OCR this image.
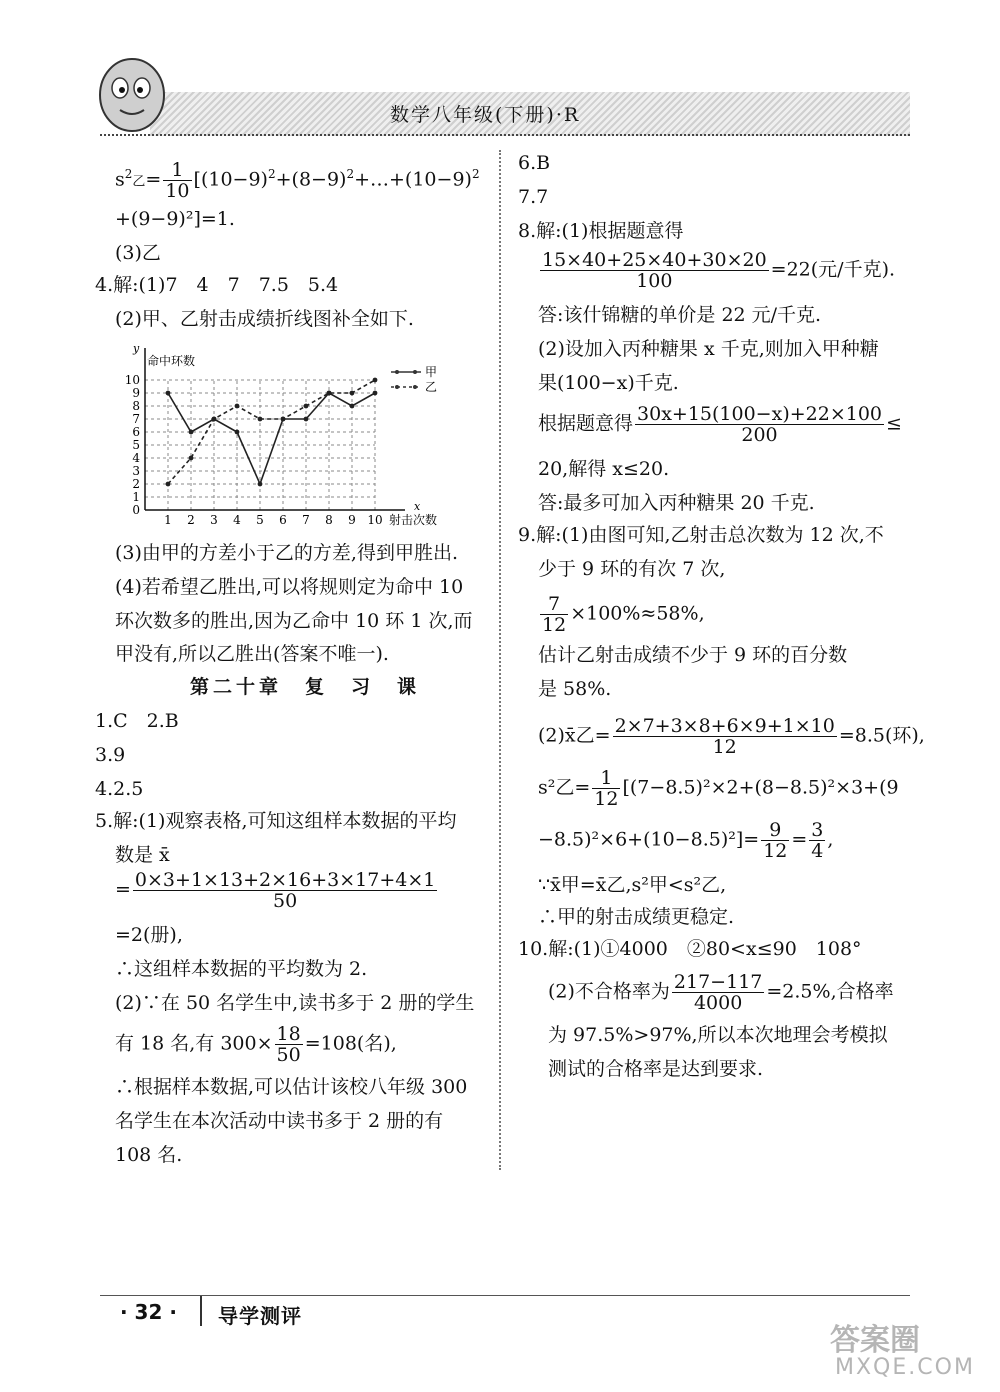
数学八年级(下册)·R
$s^2$乙= $\frac{1}{10}$ [$(10-9)^2+(8-9)^2+\dots+(10-9)^2$
+(9−9)²]=1.
(3)乙
4.解:(1)7　4　7　7.5　5.4
(2)甲、乙射击成绩折线图补全如下.
1 2 3 4 5 6 7 8 9 10
0
1
2
3
4
5
6
7
8
9
10
y
命中环数
x
射击次数
甲
乙
(3)由甲的方差小于乙的方差,得到甲胜出.
(4)若希望乙胜出,可以将规则定为命中 10
环次数多的胜出,因为乙命中 10 环 1 次,而
甲没有,所以乙胜出(答案不唯一).
第二十章　复　习　课
1.C　2.B
3.9
4.2.5
5.解:(1)观察表格,可知这组样本数据的平均
数是 x̄
= $\frac{0\times 3+1\times 13+2\times 16+3\times 17+4\times 1}{50}$
=2(册),
∴这组样本数据的平均数为 2.
(2)∵在 50 名学生中,读书多于 2 册的学生
有 18 名,有 $300\times \frac{18}{50} =108$(名),
∴根据样本数据,可以估计该校八年级 300
名学生在本次活动中读书多于 2 册的有
108 名.
6.B
7.7
8.解:(1)根据题意得
$\frac{15\times 40+25\times 40+30\times 20}{100} =22$(元/千克).
答:该什锦糖的单价是 22 元/千克.
(2)设加入丙种糖果 x 千克,则加入甲种糖
果(100−x)千克.
根据题意得 $\frac{30x+15(100-x)+22\times 100}{200}$ ≤
20,解得 x≤20.
答:最多可加入丙种糖果 20 千克.
9.解:(1)由图可知,乙射击总次数为 12 次,不
少于 9 环的有次 7 次,
$\frac{7}{12} \times 100\%\approx 58\%$,
估计乙射击成绩不少于 9 环的百分数
是 58%.
(2)x̄乙= $\frac{2\times 7+3\times 8+6\times 9+1\times 10}{12} =8.5$(环),
s²乙= $\frac{1}{12} [(7-8.5)^2\times 2+(8-8.5)^2\times 3+(9$
$-8.5)^2\times 6+(10-8.5)^2]= \frac{9}{12} = \frac{3}{4}$ ,
∵x̄甲=x̄乙,s²甲<s²乙,
∴甲的射击成绩更稳定.
10.解:(1)①4000　②80<x≤90　108°
(2)不合格率为 $\frac{217-117}{4000} =2.5\%$,合格率
为 97.5%>97%,所以本次地理会考模拟
测试的合格率是达到要求.
· 32 · 导学测评
答案圈
MXQE.COM
